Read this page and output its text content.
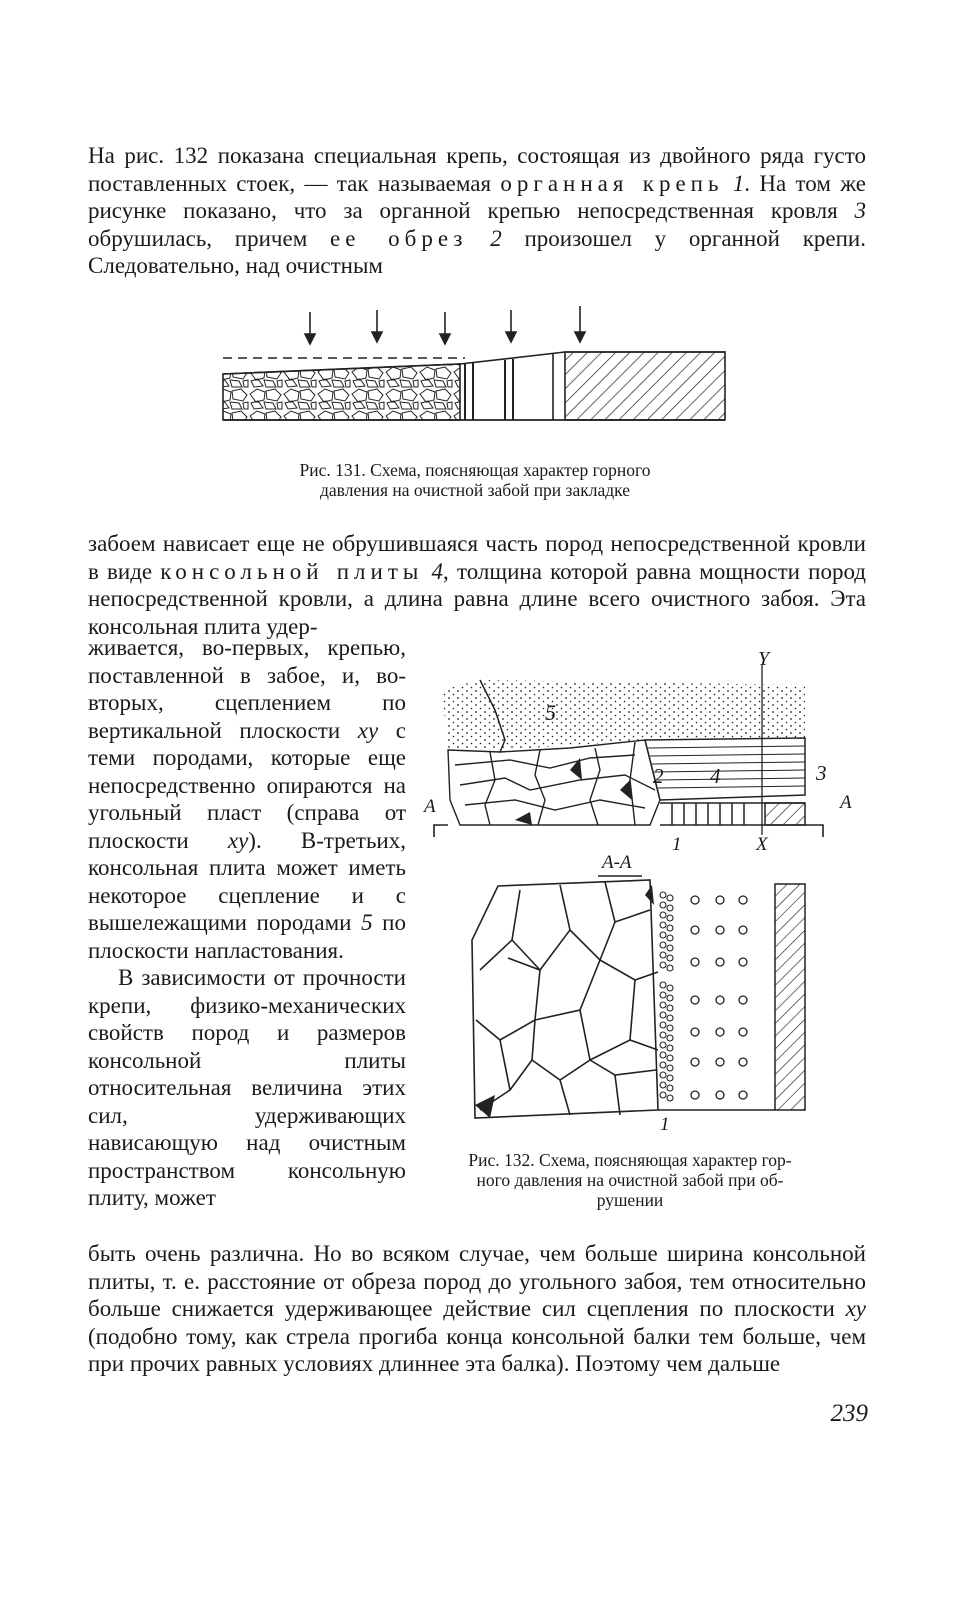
На рис. 132 показана специальная крепь, состоящая из двойного ряда густо поставленных стоек, — так называемая органная крепь 1. На том же рисунке показано, что за органной крепью непосредственная кровля 3 обрушилась, причем ее обрез 2 произошел у органной крепи. Следовательно, над очистным

Рис. 131. Схема, поясняющая характер горного
давления на очистной забой при закладке

забоем нависает еще не обрушившаяся часть пород непосредственной кровли в виде консольной плиты 4, толщина которой равна мощности пород непосредственной кровли, а длина равна длине всего очистного забоя. Эта консольная плита удер-

живается, во-первых, крепью, поставленной в забое, и, во-вторых, сцеплением по вертикальной плоскости xy с теми породами, которые еще непосредственно опираются на угольный пласт (справа от плоскости xy). В-третьих, консольная плита может иметь некоторое сцепление и с вышележащими породами 5 по плоскости напластования.

В зависимости от прочности крепи, физико-механических свойств пород и размеров консольной плиты относительная величина этих сил, удерживающих нависающую над очистным пространством консольную плиту, может

Y
5
2 4	3
A	A
1	X
A-A
1

Рис. 132. Схема, поясняющая характер гор-
ного давления на очистной забой при об-
рушении

быть очень различна. Но во всяком случае, чем больше ширина консольной плиты, т. е. расстояние от обреза пород до угольного забоя, тем относительно больше снижается удерживающее действие сил сцепления по плоскости xy (подобно тому, как стрела прогиба конца консольной балки тем больше, чем при прочих равных условиях длиннее эта балка). Поэтому чем дальше

239
